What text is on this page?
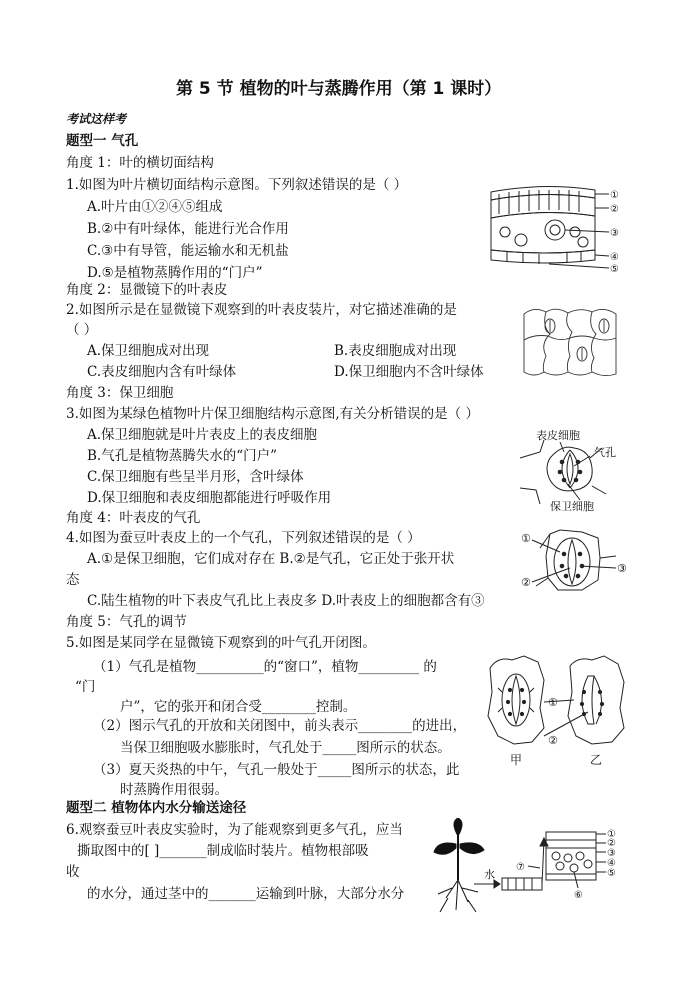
第 5 节 植物的叶与蒸腾作用（第 1 课时）
考试这样考
题型一 气孔
角度 1：叶的横切面结构
1.如图为叶片横切面结构示意图。下列叙述错误的是（ ）
A.叶片由①②④⑤组成
B.②中有叶绿体，能进行光合作用
C.③中有导管，能运输水和无机盐
D.⑤是植物蒸腾作用的“门户”
①
②
③
④
⑤
角度 2：显微镜下的叶表皮
2.如图所示是在显微镜下观察到的叶表皮装片，对它描述准确的是
（ ）
A.保卫细胞成对出现	B.表皮细胞成对出现
C.表皮细胞内含有叶绿体	D.保卫细胞内不含叶绿体
角度 3：保卫细胞
3.如图为某绿色植物叶片保卫细胞结构示意图,有关分析错误的是（ ）
A.保卫细胞就是叶片表皮上的表皮细胞
B.气孔是植物蒸腾失水的“门户”
C.保卫细胞有些呈半月形，含叶绿体
D.保卫细胞和表皮细胞都能进行呼吸作用
表皮细胞
气孔
保卫细胞
角度 4：叶表皮的气孔
4.如图为蚕豆叶表皮上的一个气孔，下列叙述错误的是（ ）
A.①是保卫细胞，它们成对存在 B.②是气孔，它正处于张开状
态
C.陆生植物的叶下表皮气孔比上表皮多 D.叶表皮上的细胞都含有③
①
②
③
角度 5：气孔的调节
5.如图是某同学在显微镜下观察到的叶气孔开闭图。
（1）气孔是植物__________的“窗口”，植物_________ 的
“门
户”，它的张开和闭合受________控制。
（2）图示气孔的开放和关闭图中，前头表示________的进出，
当保卫细胞吸水膨胀时，气孔处于_____图所示的状态。
（3）夏天炎热的中午，气孔一般处于_____图所示的状态，此
时蒸腾作用很弱。
①
②
甲	乙
题型二 植物体内水分输送途径
6.观察蚕豆叶表皮实验时，为了能观察到更多气孔，应当
撕取图中的[ ]_______制成临时装片。植物根部吸
收
的水分，通过茎中的_______运输到叶脉，大部分水分
水
①
②
③
④
⑤
⑥
⑦
